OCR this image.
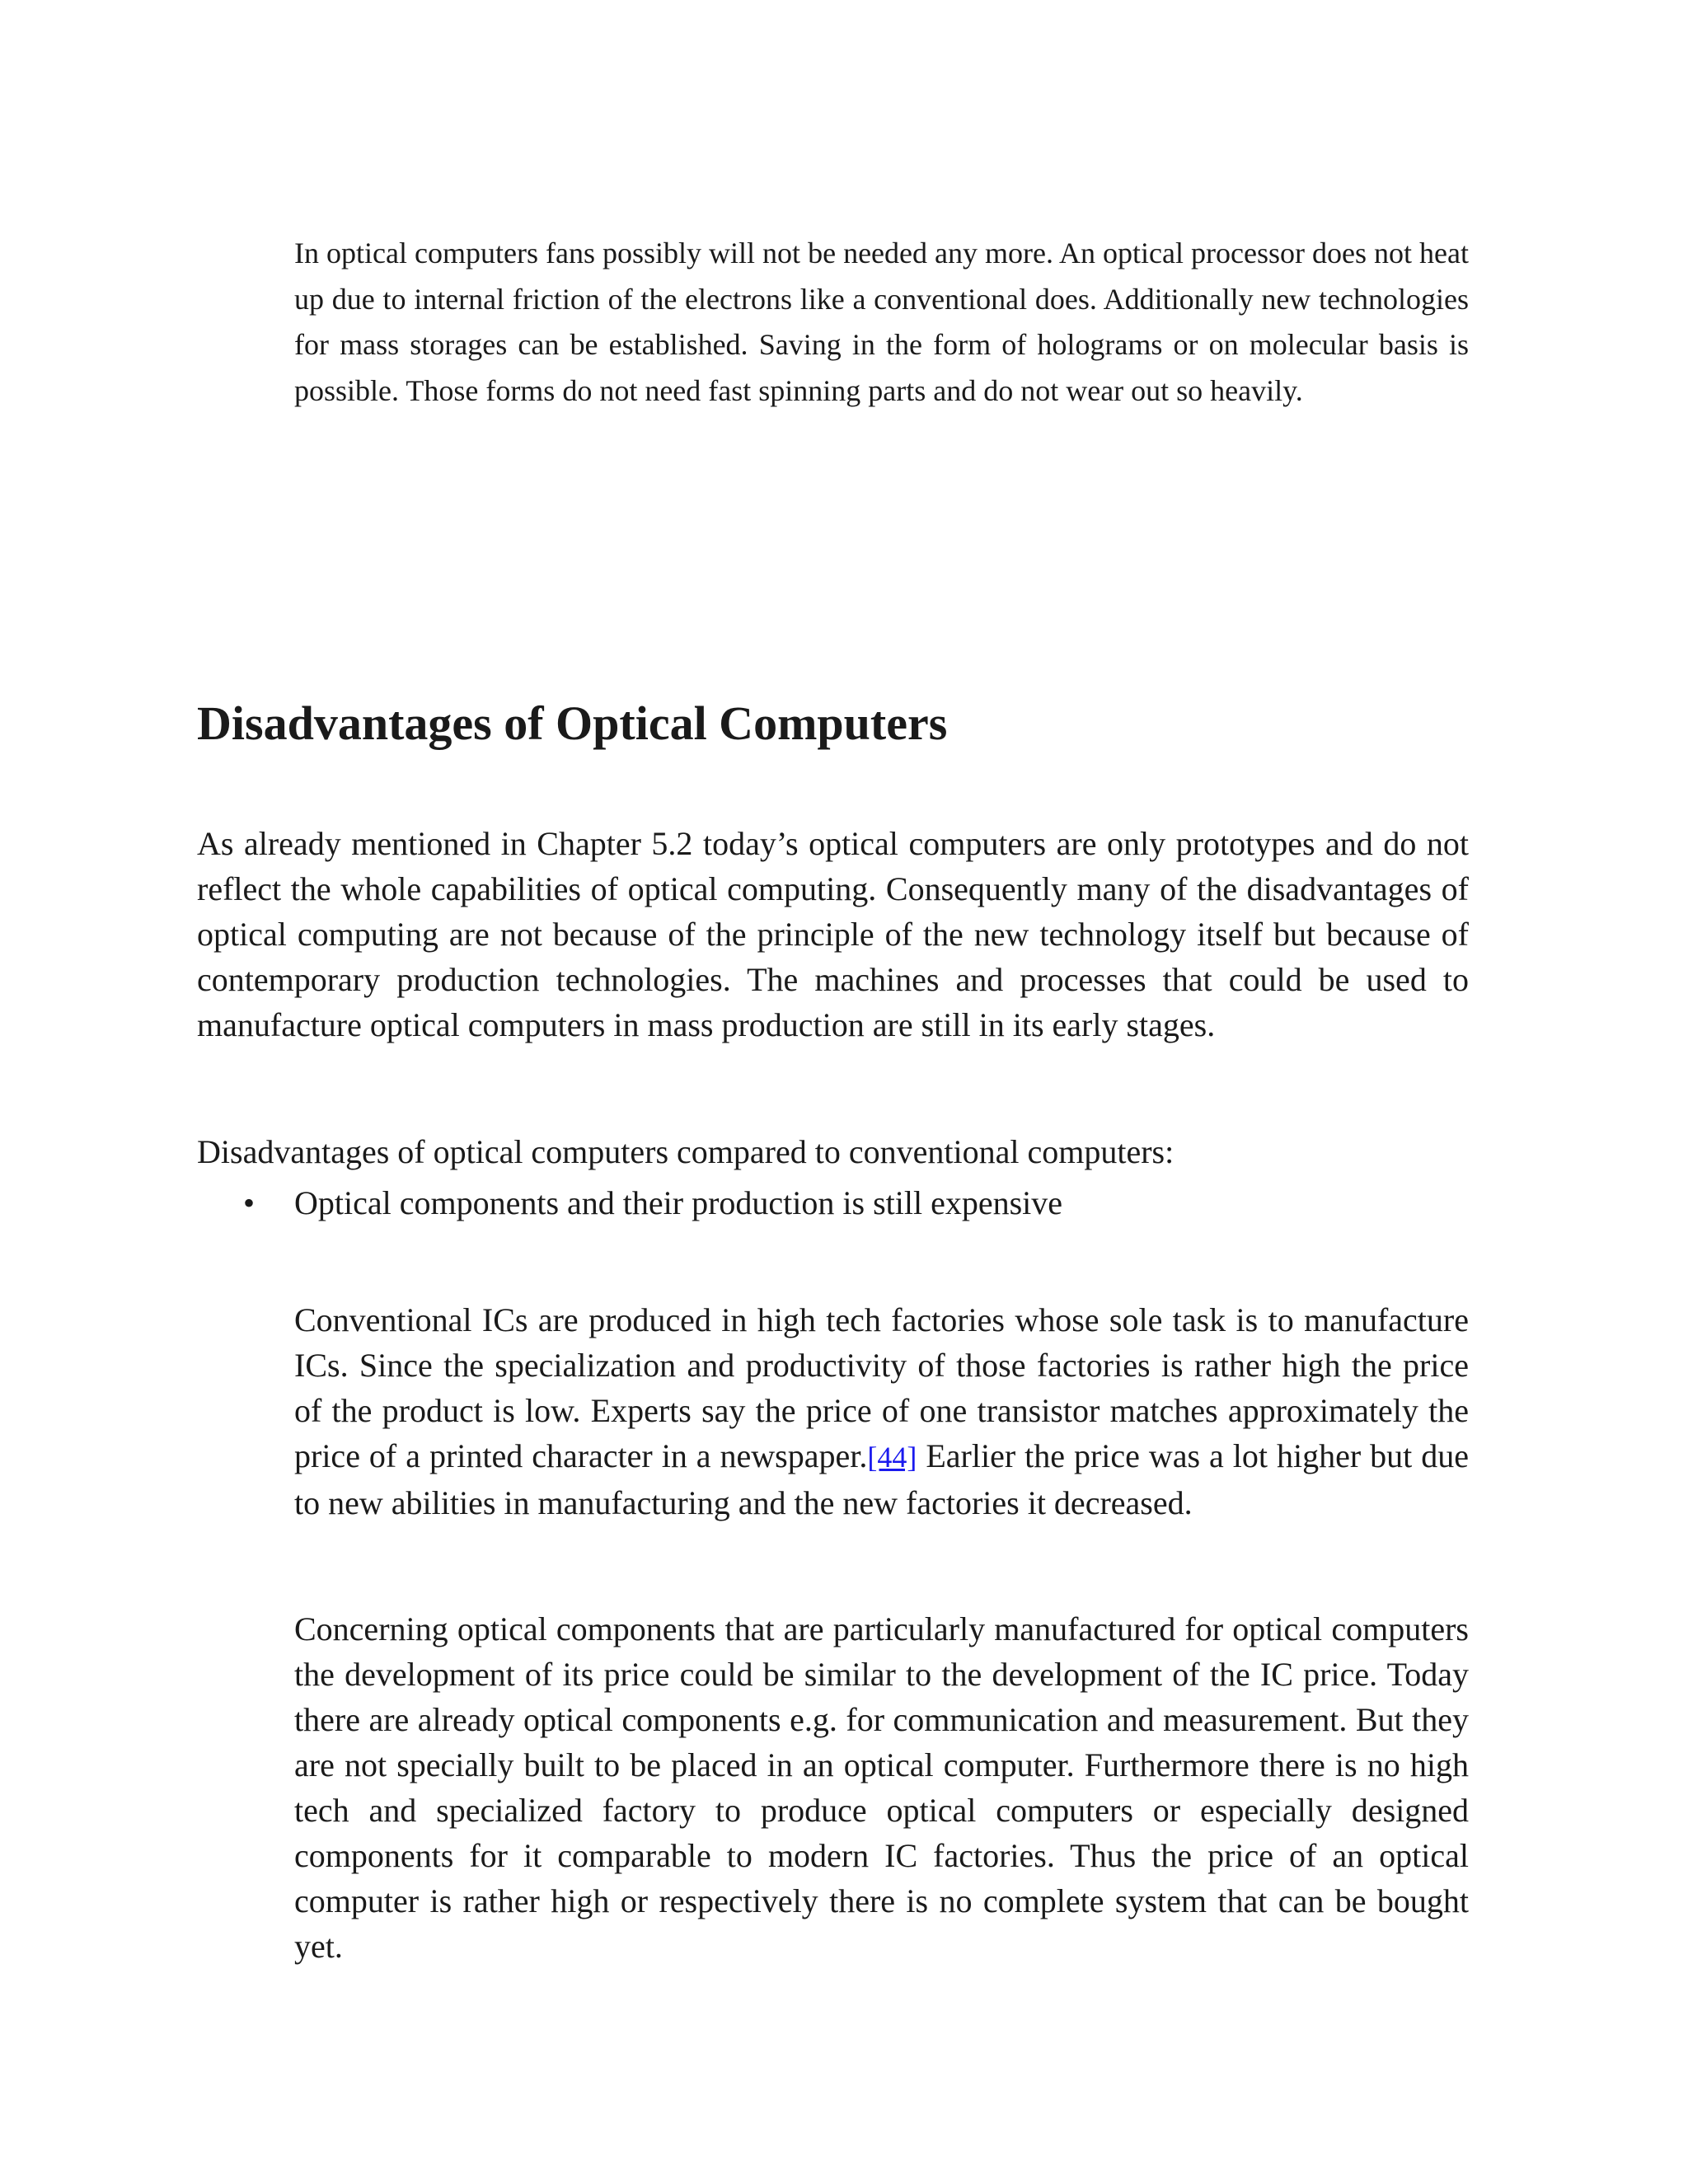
In optical computers fans possibly will not be needed any more. An optical processor does not heat up due to internal friction of the electrons like a conventional does. Additionally new technologies for mass storages can be established. Saving in the form of holograms or on molecular basis is possible. Those forms do not need fast spinning parts and do not wear out so heavily.

Disadvantages of Optical Computers

As already mentioned in Chapter 5.2 today’s optical computers are only prototypes and do not reflect the whole capabilities of optical computing. Consequently many of the disadvantages of optical computing are not because of the principle of the new technology itself but because of contemporary production technologies. The machines and processes that could be used to manufacture optical computers in mass production are still in its early stages.

Disadvantages of optical computers compared to conventional computers:

• Optical components and their production is still expensive

Conventional ICs are produced in high tech factories whose sole task is to manufacture ICs. Since the specialization and productivity of those factories is rather high the price of the product is low. Experts say the price of one transistor matches approximately the price of a printed character in a newspaper.[44] Earlier the price was a lot higher but due to new abilities in manufacturing and the new factories it decreased.

Concerning optical components that are particularly manufactured for optical computers the development of its price could be similar to the development of the IC price. Today there are already optical components e.g. for communication and measurement. But they are not specially built to be placed in an optical computer. Furthermore there is no high tech and specialized factory to produce optical computers or especially designed components for it comparable to modern IC factories. Thus the price of an optical computer is rather high or respectively there is no complete system that can be bought yet.
